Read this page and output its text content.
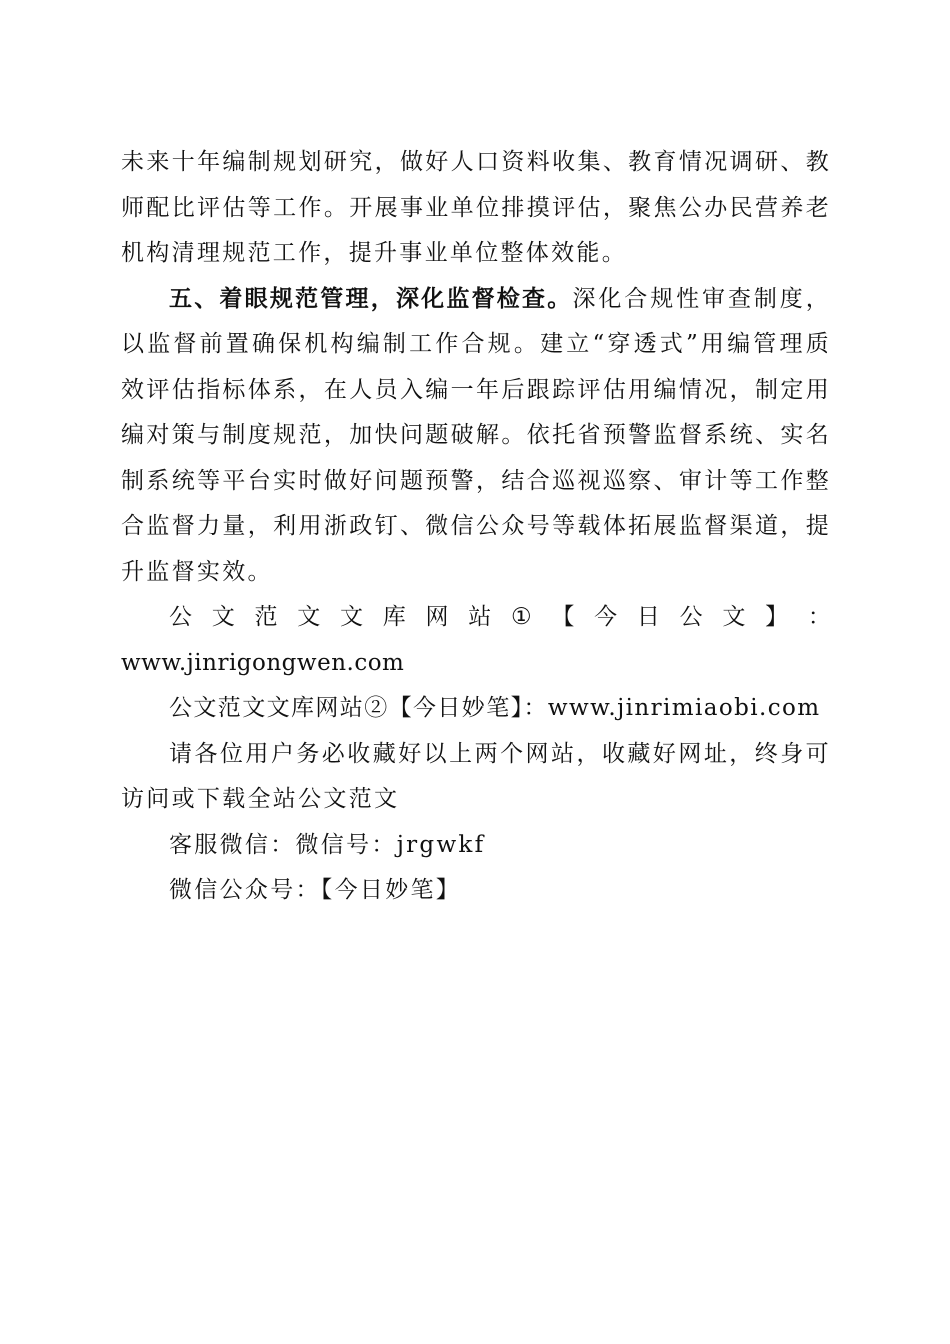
未来十年编制规划研究，做好人口资料收集、教育情况调研、教师配比评估等工作。开展事业单位排摸评估，聚焦公办民营养老机构清理规范工作，提升事业单位整体效能。

五、着眼规范管理，深化监督检查。深化合规性审查制度，以监督前置确保机构编制工作合规。建立“穿透式”用编管理质效评估指标体系，在人员入编一年后跟踪评估用编情况，制定用编对策与制度规范，加快问题破解。依托省预警监督系统、实名制系统等平台实时做好问题预警，结合巡视巡察、审计等工作整合监督力量，利用浙政钉、微信公众号等载体拓展监督渠道，提升监督实效。

公 文 范 文 文 库 网 站 ① 【 今 日 公 文 】 ：

www.jinrigongwen.com

公文范文文库网站②【今日妙笔】：www.jinrimiaobi.com

请各位用户务必收藏好以上两个网站，收藏好网址，终身可访问或下载全站公文范文

客服微信：微信号：jrgwkf

微信公众号：【今日妙笔】
